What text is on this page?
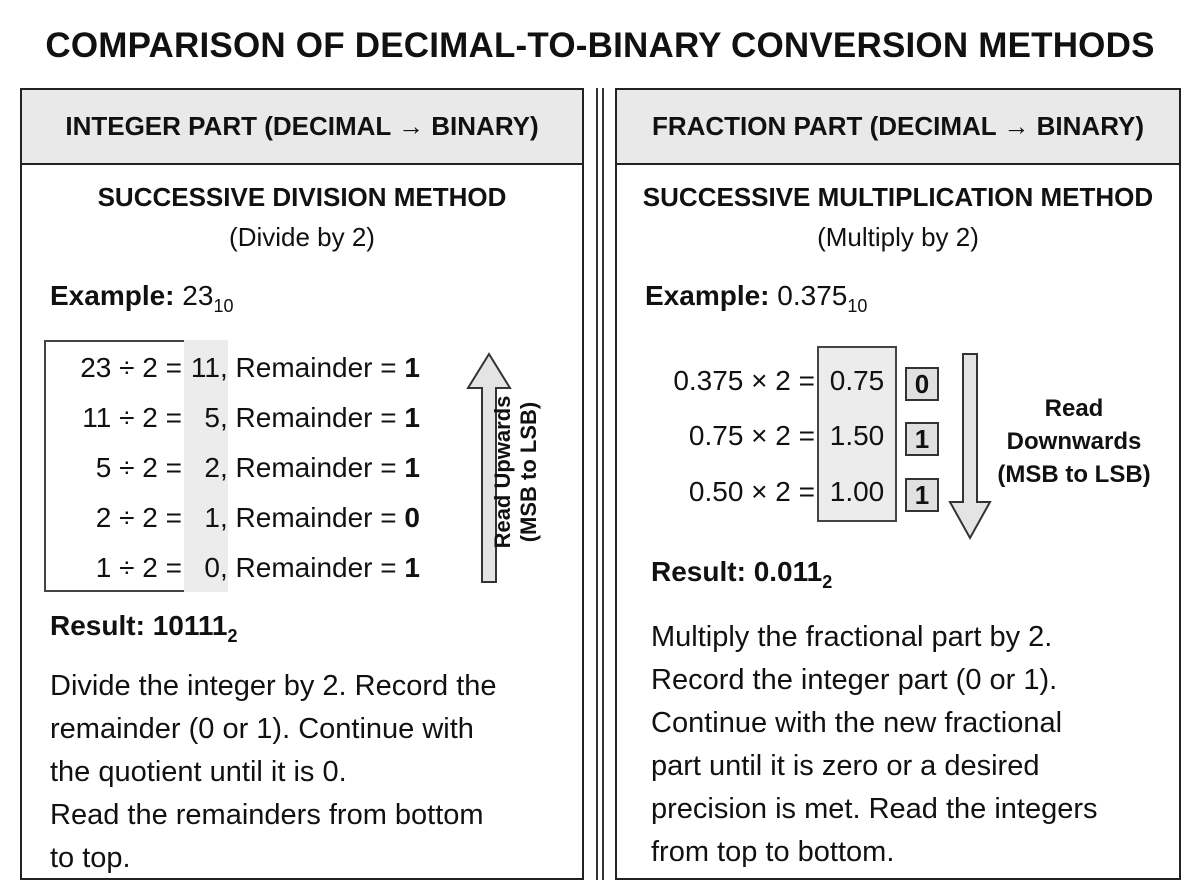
COMPARISON OF DECIMAL-TO-BINARY CONVERSION METHODS
INTEGER PART (DECIMAL → BINARY)
SUCCESSIVE DIVISION METHOD
(Divide by 2)
Example: $23_{10}$
23 ÷ 2 = 11, Remainder = 1
11 ÷ 2 = 5, Remainder = 1
5 ÷ 2 = 2, Remainder = 1
2 ÷ 2 = 1, Remainder = 0
1 ÷ 2 = 0, Remainder = 1
Read Upwards (MSB to LSB)
Result: $10111_2$
Divide the integer by 2. Record the
remainder (0 or 1). Continue with
the quotient until it is 0.
Read the remainders from bottom
to top.
FRACTION PART (DECIMAL → BINARY)
SUCCESSIVE MULTIPLICATION METHOD
(Multiply by 2)
Example: $0.375_{10}$
0.375 × 2 = 0.75	0
0.75 × 2 = 1.50	1
0.50 × 2 = 1.00	1
Read
Downwards
(MSB to LSB)
Result: $0.011_2$
Multiply the fractional part by 2.
Record the integer part (0 or 1).
Continue with the new fractional
part until it is zero or a desired
precision is met. Read the integers
from top to bottom.
